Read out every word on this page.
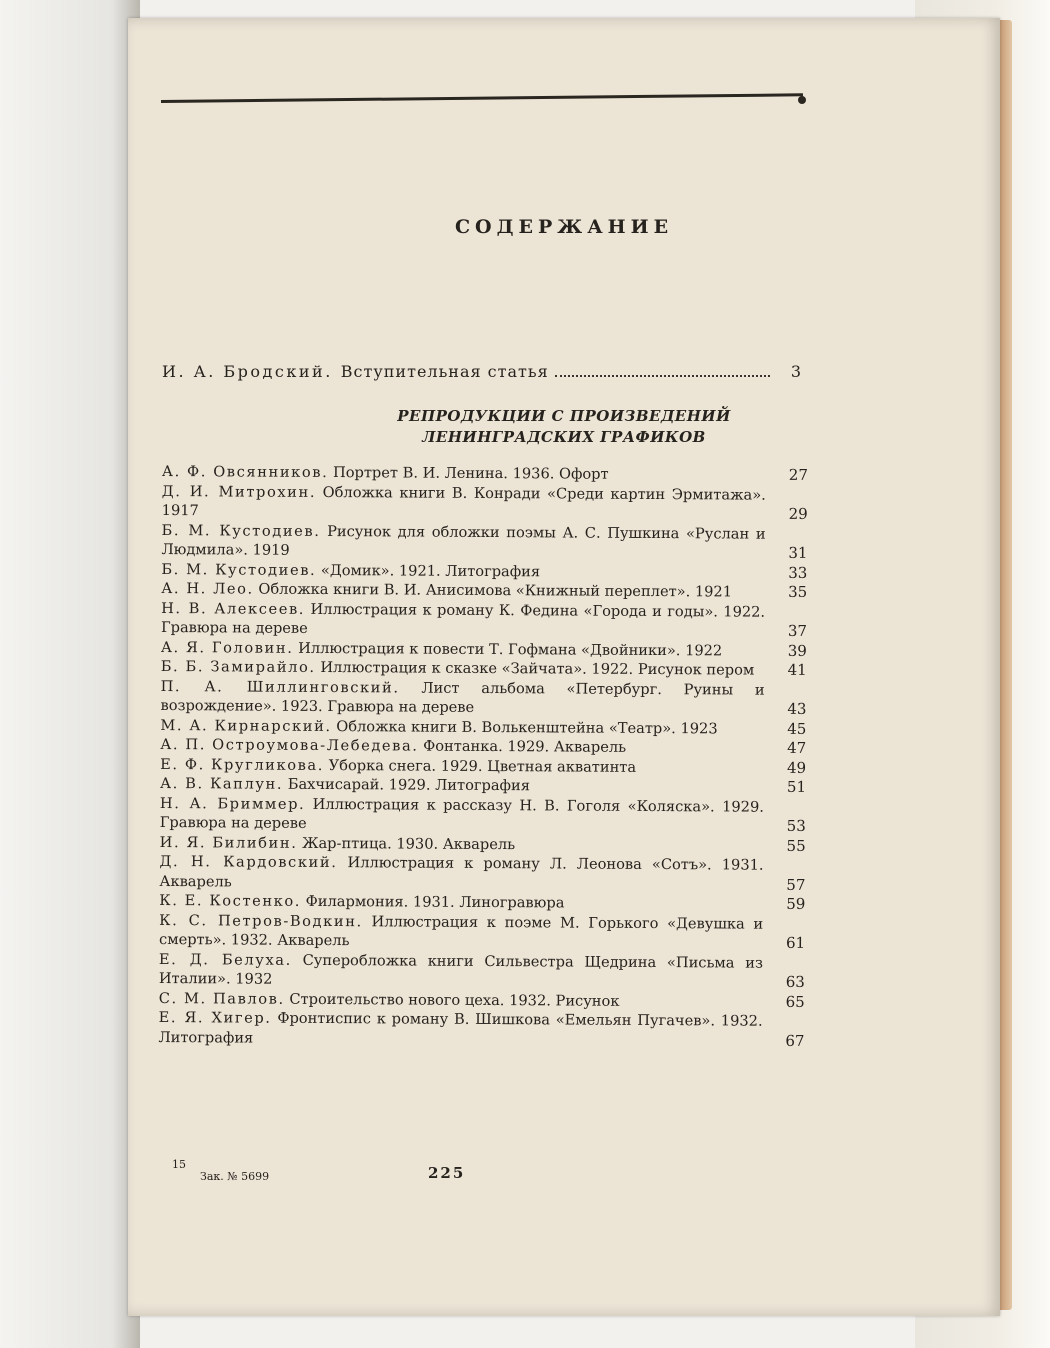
СОДЕРЖАНИЕ
И. А. Бродский. Вступительная статья	3
РЕПРОДУКЦИИ С ПРОИЗВЕДЕНИЙ
ЛЕНИНГРАДСКИХ ГРАФИКОВ
А. Ф. Овсянников. Портрет В. И. Ленина. 1936. Офорт	27
Д. И. Митрохин. Обложка книги В. Конради «Среди картин Эрмитажа». 1917	29
Б. М. Кустодиев. Рисунок для обложки поэмы А. С. Пушкина «Руслан и Людмила». 1919	31
Б. М. Кустодиев. «Домик». 1921. Литография	33
А. Н. Лео. Обложка книги В. И. Анисимова «Книжный переплет». 1921	35
Н. В. Алексеев. Иллюстрация к роману К. Федина «Города и годы». 1922. Гравюра на дереве	37
А. Я. Головин. Иллюстрация к повести Т. Гофмана «Двойники». 1922	39
Б. Б. Замирайло. Иллюстрация к сказке «Зайчата». 1922. Рисунок пером	41
П. А. Шиллинговский. Лист альбома «Петербург. Руины и возрождение». 1923. Гравюра на дереве	43
М. А. Кирнарский. Обложка книги В. Волькенштейна «Театр». 1923	45
А. П. Остроумова-Лебедева. Фонтанка. 1929. Акварель	47
Е. Ф. Кругликова. Уборка снега. 1929. Цветная акватинта	49
А. В. Каплун. Бахчисарай. 1929. Литография	51
Н. А. Бриммер. Иллюстрация к рассказу Н. В. Гоголя «Коляска». 1929. Гравюра на дереве	53
И. Я. Билибин. Жар-птица. 1930. Акварель	55
Д. Н. Кардовский. Иллюстрация к роману Л. Леонова «Сотъ». 1931. Акварель	57
К. Е. Костенко. Филармония. 1931. Линогравюра	59
К. С. Петров-Водкин. Иллюстрация к поэме М. Горького «Девушка и смерть». 1932. Акварель	61
Е. Д. Белуха. Суперобложка книги Сильвестра Щедрина «Письма из Италии». 1932	63
С. М. Павлов. Строительство нового цеха. 1932. Рисунок	65
Е. Я. Хигер. Фронтиспис к роману В. Шишкова «Емельян Пугачев». 1932. Литография	67
15
Зак. № 5699	225
